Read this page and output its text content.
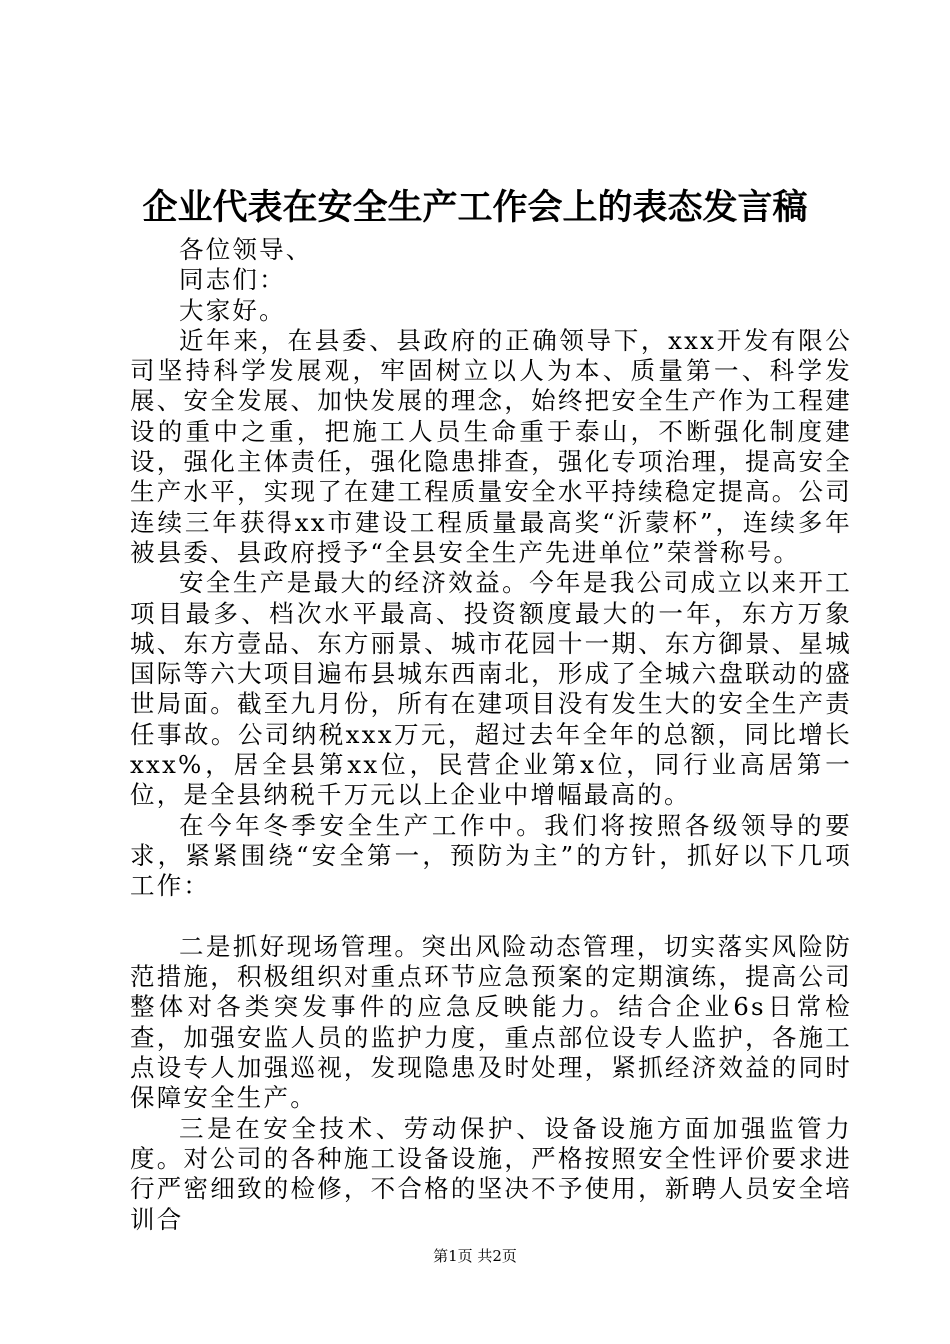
企业代表在安全生产工作会上的表态发言稿

各位领导、

同志们：

大家好。

近年来，在县委、县政府的正确领导下，xxx开发有限公司坚持科学发展观，牢固树立以人为本、质量第一、科学发展、安全发展、加快发展的理念，始终把安全生产作为工程建设的重中之重，把施工人员生命重于泰山，不断强化制度建设，强化主体责任，强化隐患排查，强化专项治理，提高安全生产水平，实现了在建工程质量安全水平持续稳定提高。公司连续三年获得xx市建设工程质量最高奖“沂蒙杯”，连续多年被县委、县政府授予“全县安全生产先进单位”荣誉称号。

安全生产是最大的经济效益。今年是我公司成立以来开工项目最多、档次水平最高、投资额度最大的一年，东方万象城、东方壹品、东方丽景、城市花园十一期、东方御景、星城国际等六大项目遍布县城东西南北，形成了全城六盘联动的盛世局面。截至九月份，所有在建项目没有发生大的安全生产责任事故。公司纳税xxx万元，超过去年全年的总额，同比增长xxx%，居全县第xx位，民营企业第x位，同行业高居第一位，是全县纳税千万元以上企业中增幅最高的。

在今年冬季安全生产工作中。我们将按照各级领导的要求，紧紧围绕“安全第一，预防为主”的方针，抓好以下几项工作：

二是抓好现场管理。突出风险动态管理，切实落实风险防范措施，积极组织对重点环节应急预案的定期演练，提高公司整体对各类突发事件的应急反映能力。结合企业6s日常检查，加强安监人员的监护力度，重点部位设专人监护，各施工点设专人加强巡视，发现隐患及时处理，紧抓经济效益的同时保障安全生产。

三是在安全技术、劳动保护、设备设施方面加强监管力度。对公司的各种施工设备设施，严格按照安全性评价要求进行严密细致的检修，不合格的坚决不予使用，新聘人员安全培训合

第1页 共2页
